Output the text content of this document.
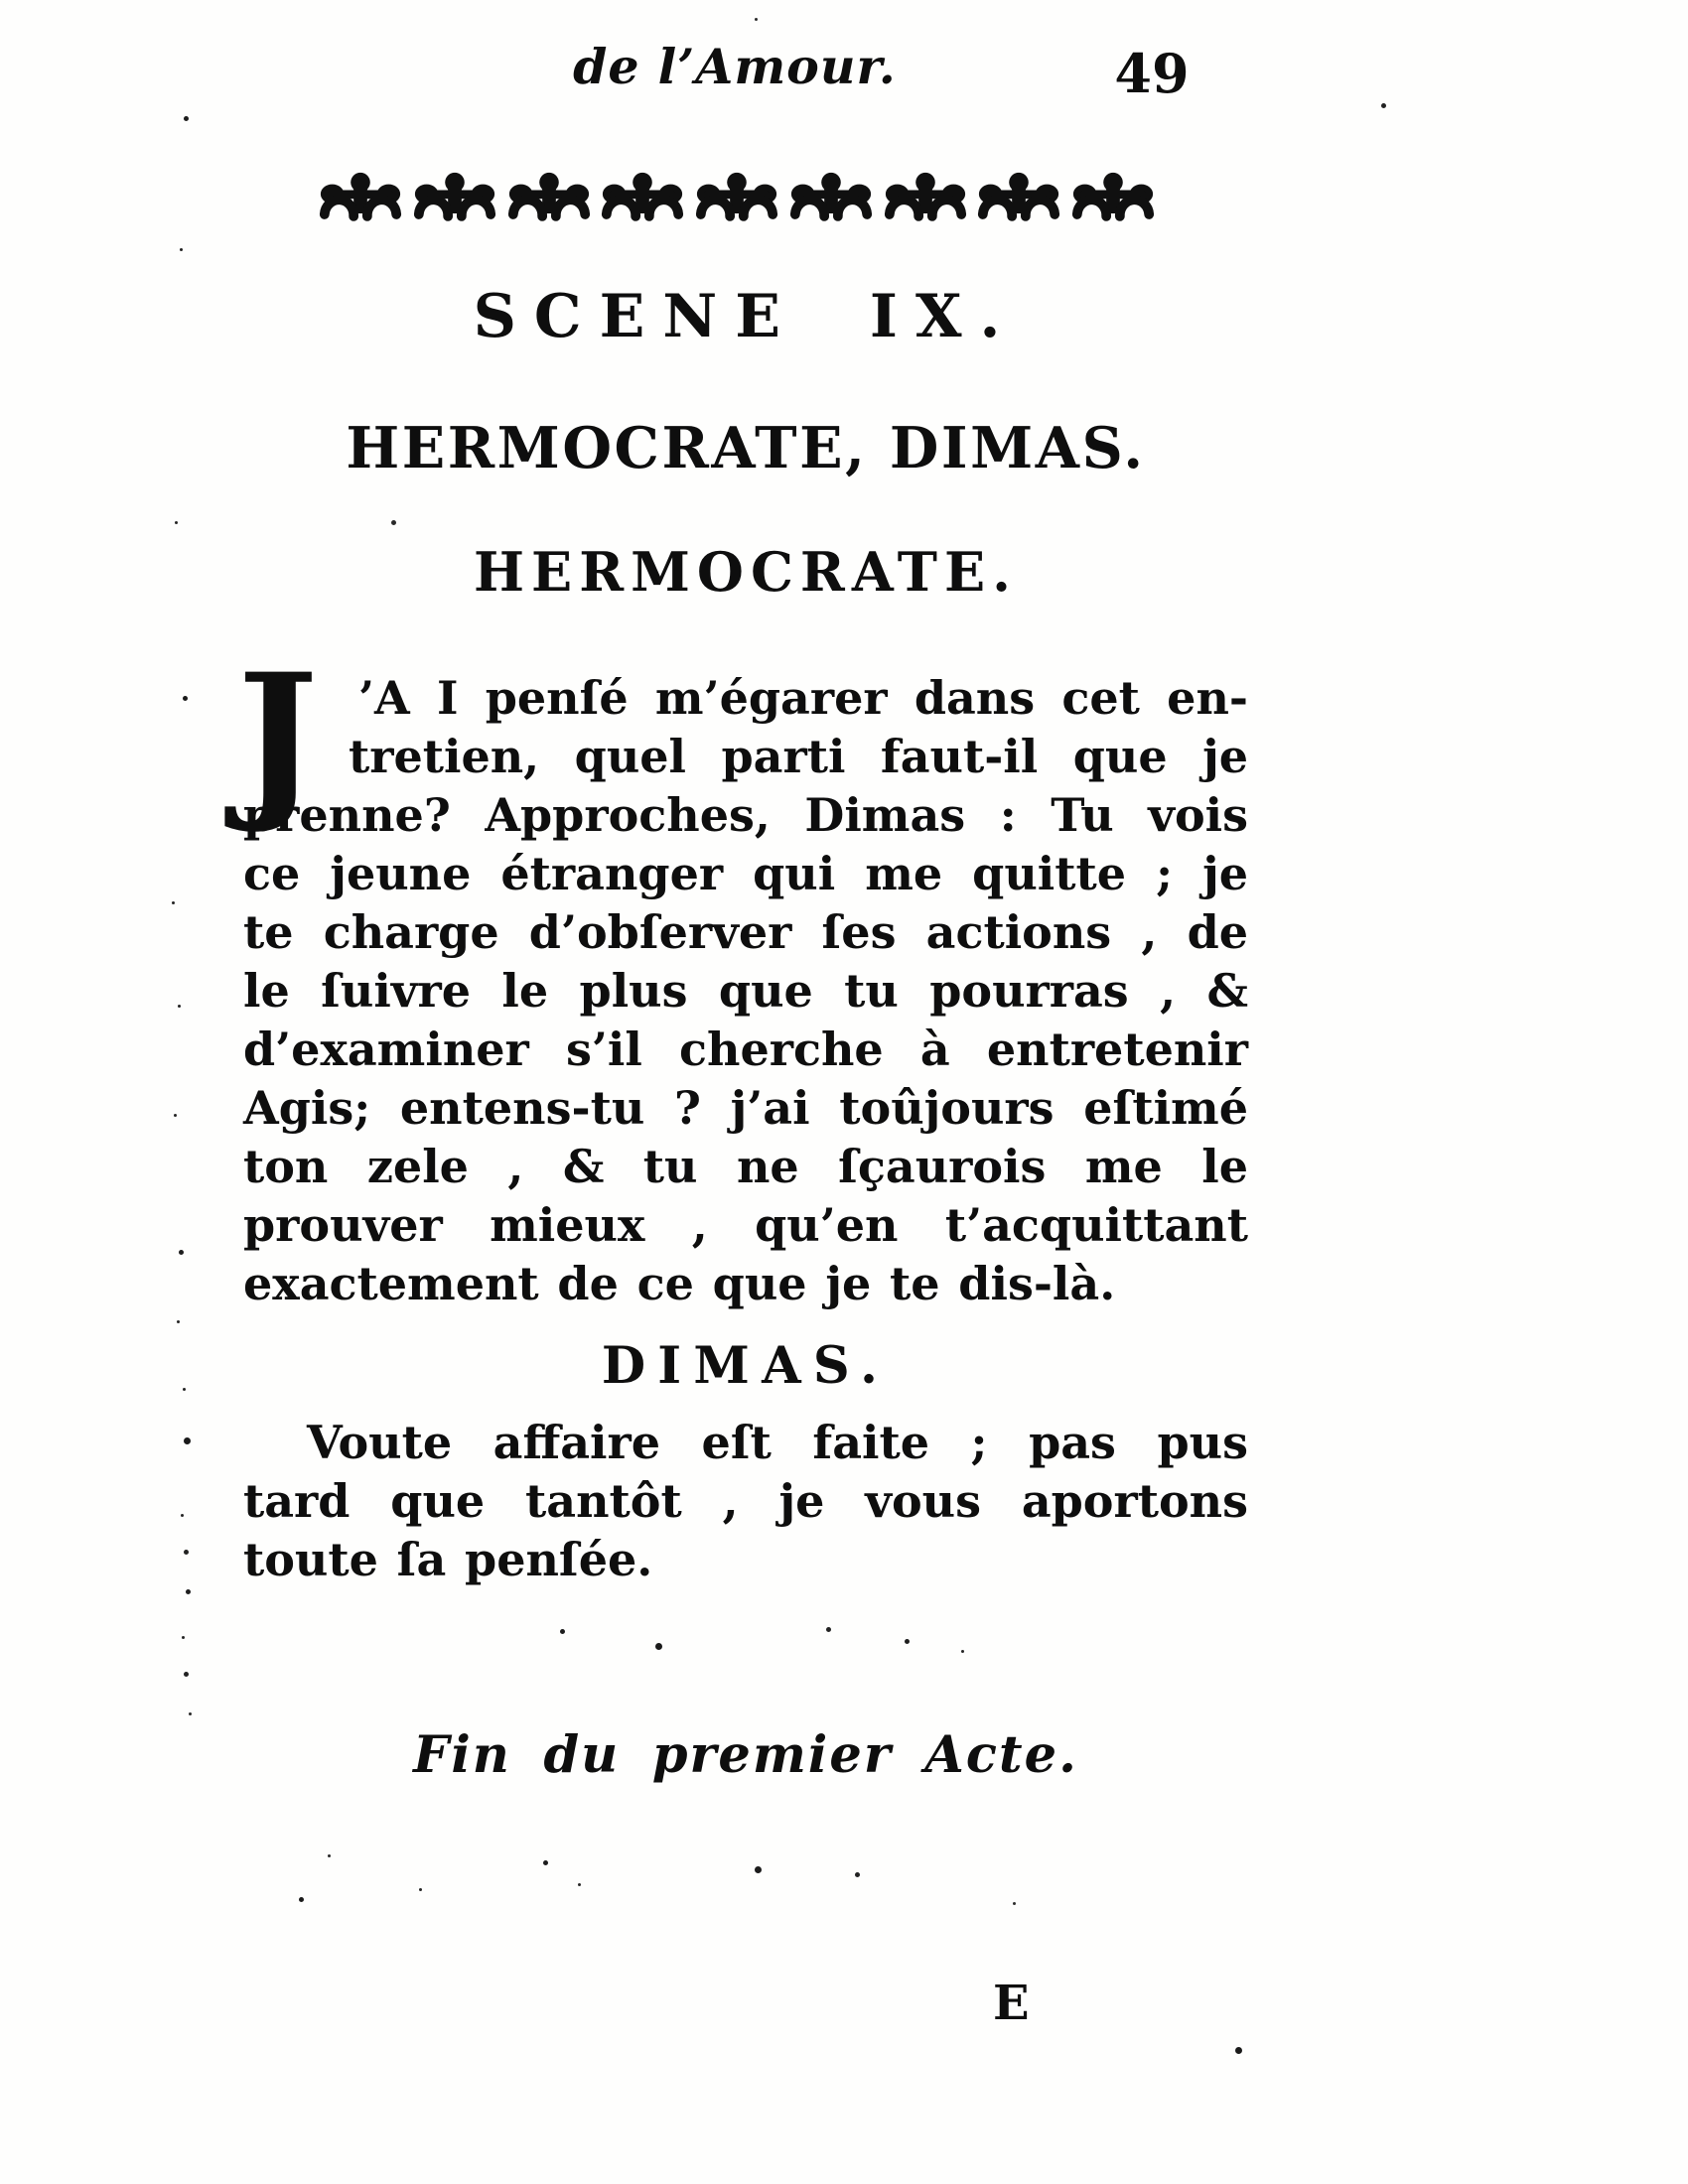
de l’Amour.	49
SCENE IX.
HERMOCRATE, DIMAS.
HERMOCRATE.
J ’A I penſé m’égarer dans cet en-
tretien, quel parti faut-il que je
prenne? Approches, Dimas : Tu vois
ce jeune étranger qui me quitte ; je
te charge d’obſerver ſes actions , de
le ſuivre le plus que tu pourras , &
d’examiner s’il cherche à entretenir
Agis; entens-tu ? j’ai toûjours eſtimé
ton zele , & tu ne ſçaurois me le
prouver mieux , qu’en t’acquittant
exactement de ce que je te dis-là.
DIMAS.
Voute affaire eſt faite ; pas pus
tard que tantôt , je vous aportons
toute ſa penſée.
Fin du premier Acte.
E
